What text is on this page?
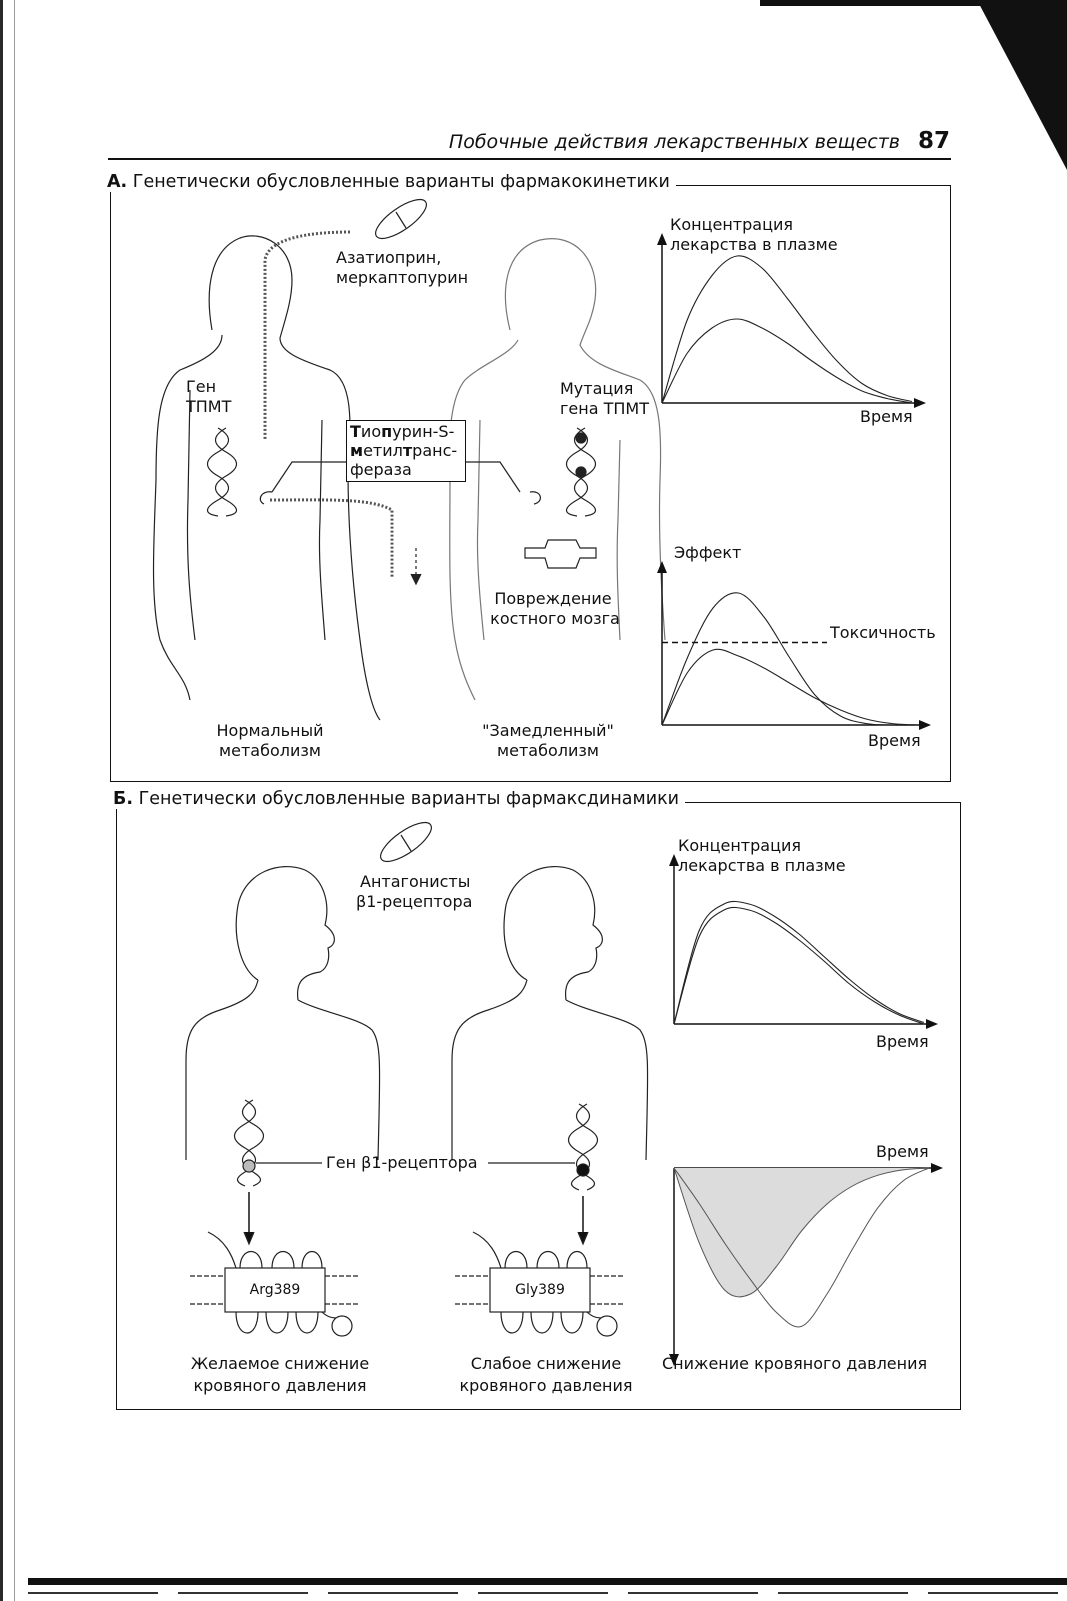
Побочные действия лекарственных веществ 87
А. Генетически обусловленные варианты фармакокинетики
Б. Генетически обусловленные варианты фармаксдинамики
Азатиоприн,
меркаптопурин
Ген
ТПМТ
Мутация
гена ТПМТ
Тиопурин-S-
метилтранс-
фераза
Повреждение
костного мозга
Нормальный
метаболизм
"Замедленный"
метаболизм
Антагонисты
β1-рецептора
Ген β1-рецептора
Arg389	Gly389
Желаемое снижение
кровяного давления
Слабое снижение
кровяного давления
Концентрация
лекарства в плазме
Время
Эффект
Токсичность
Время
Концентрация
лекарства в плазме
Время
Время
Снижение кровяного давления
